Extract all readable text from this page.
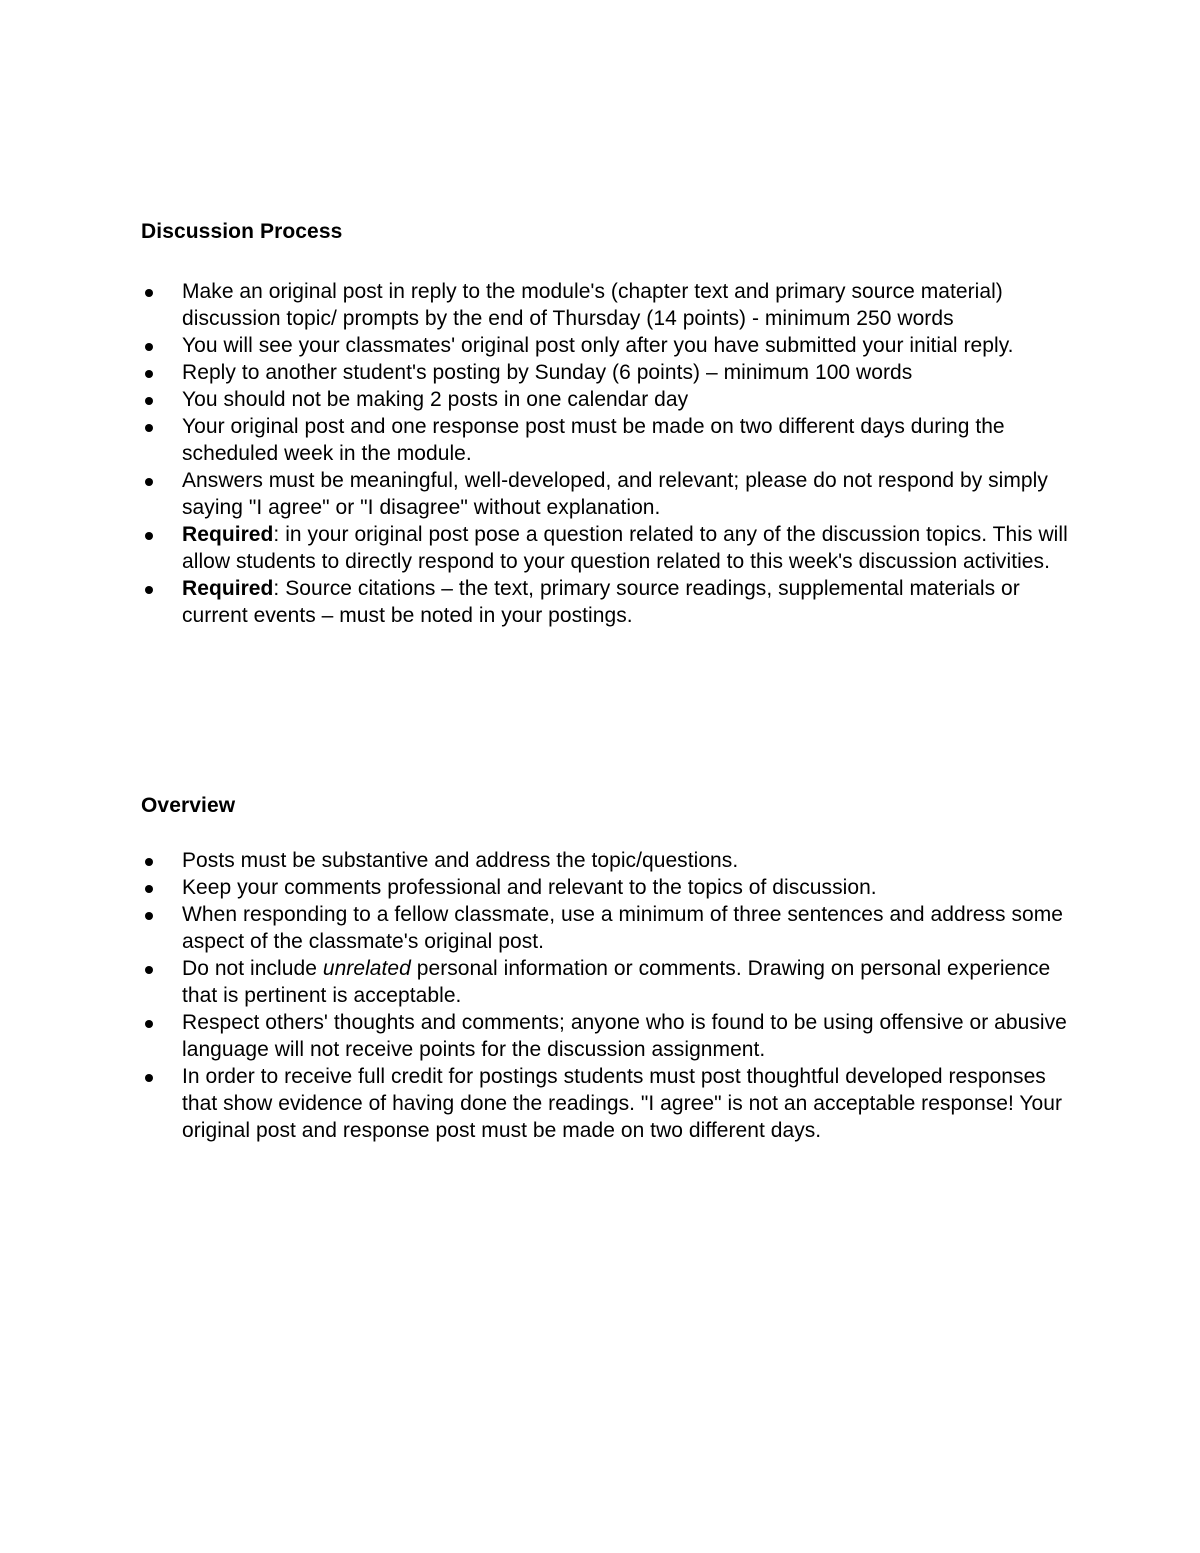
Discussion Process
Make an original post in reply to the module's (chapter text and primary source material) discussion topic/ prompts by the end of Thursday (14 points) - minimum 250 words
You will see your classmates' original post only after you have submitted your initial reply.
Reply to another student's posting by Sunday (6 points) – minimum 100 words
You should not be making 2 posts in one calendar day
Your original post and one response post must be made on two different days during the scheduled week in the module.
Answers must be meaningful, well-developed, and relevant; please do not respond by simply saying "I agree" or "I disagree" without explanation.
Required: in your original post pose a question related to any of the discussion topics. This will allow students to directly respond to your question related to this week's discussion activities.
Required: Source citations – the text, primary source readings, supplemental materials or current events – must be noted in your postings.
Overview
Posts must be substantive and address the topic/questions.
Keep your comments professional and relevant to the topics of discussion.
When responding to a fellow classmate, use a minimum of three sentences and address some aspect of the classmate's original post.
Do not include unrelated personal information or comments. Drawing on personal experience that is pertinent is acceptable.
Respect others' thoughts and comments; anyone who is found to be using offensive or abusive language will not receive points for the discussion assignment.
In order to receive full credit for postings students must post thoughtful developed responses that show evidence of having done the readings. "I agree" is not an acceptable response! Your original post and response post must be made on two different days.
